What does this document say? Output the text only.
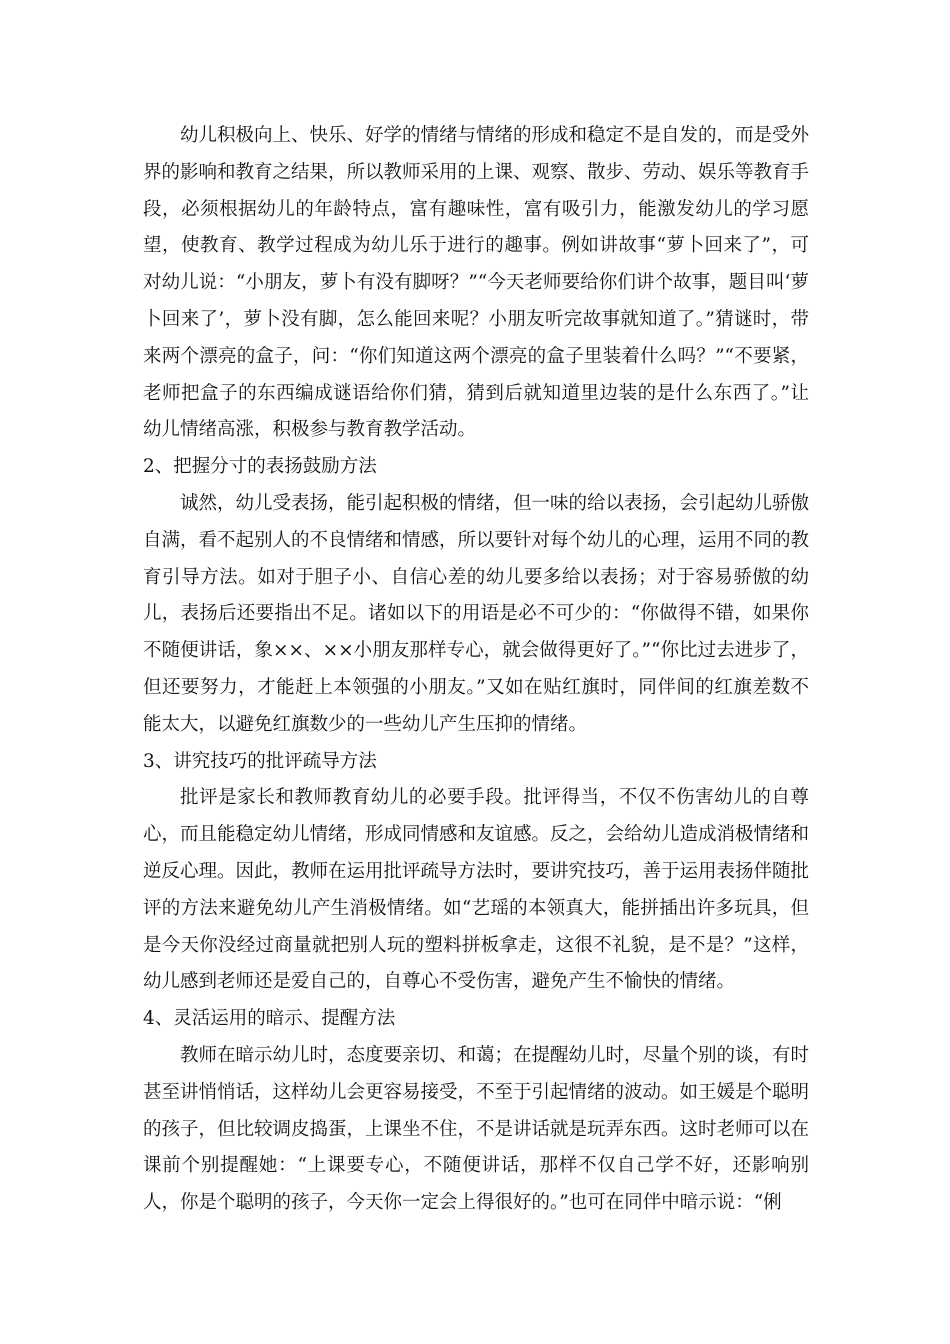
幼儿积极向上、快乐、好学的情绪与情绪的形成和稳定不是自发的，而是受外界的影响和教育之结果，所以教师采用的上课、观察、散步、劳动、娱乐等教育手段，必须根据幼儿的年龄特点，富有趣味性，富有吸引力，能激发幼儿的学习愿望，使教育、教学过程成为幼儿乐于进行的趣事。例如讲故事“萝卜回来了”，可对幼儿说：“小朋友，萝卜有没有脚呀？”“今天老师要给你们讲个故事，题目叫‘萝卜回来了’，萝卜没有脚，怎么能回来呢？小朋友听完故事就知道了。”猜谜时，带来两个漂亮的盒子，问：“你们知道这两个漂亮的盒子里装着什么吗？”“不要紧，老师把盒子的东西编成谜语给你们猜，猜到后就知道里边装的是什么东西了。”让幼儿情绪高涨，积极参与教育教学活动。

2、把握分寸的表扬鼓励方法

诚然，幼儿受表扬，能引起积极的情绪，但一味的给以表扬，会引起幼儿骄傲自满，看不起别人的不良情绪和情感，所以要针对每个幼儿的心理，运用不同的教育引导方法。如对于胆子小、自信心差的幼儿要多给以表扬；对于容易骄傲的幼儿，表扬后还要指出不足。诸如以下的用语是必不可少的：“你做得不错，如果你不随便讲话，象××、××小朋友那样专心，就会做得更好了。”“你比过去进步了，但还要努力，才能赶上本领强的小朋友。”又如在贴红旗时，同伴间的红旗差数不能太大，以避免红旗数少的一些幼儿产生压抑的情绪。

3、讲究技巧的批评疏导方法

批评是家长和教师教育幼儿的必要手段。批评得当，不仅不伤害幼儿的自尊心，而且能稳定幼儿情绪，形成同情感和友谊感。反之，会给幼儿造成消极情绪和逆反心理。因此，教师在运用批评疏导方法时，要讲究技巧，善于运用表扬伴随批评的方法来避免幼儿产生消极情绪。如“艺瑶的本领真大，能拼插出许多玩具，但是今天你没经过商量就把别人玩的塑料拼板拿走，这很不礼貌，是不是？”这样，幼儿感到老师还是爱自己的，自尊心不受伤害，避免产生不愉快的情绪。

4、灵活运用的暗示、提醒方法

教师在暗示幼儿时，态度要亲切、和蔼；在提醒幼儿时，尽量个别的谈，有时甚至讲悄悄话，这样幼儿会更容易接受，不至于引起情绪的波动。如王媛是个聪明的孩子，但比较调皮捣蛋，上课坐不住，不是讲话就是玩弄东西。这时老师可以在课前个别提醒她：“上课要专心，不随便讲话，那样不仅自己学不好，还影响别人，你是个聪明的孩子，今天你一定会上得很好的。”也可在同伴中暗示说：“俐
